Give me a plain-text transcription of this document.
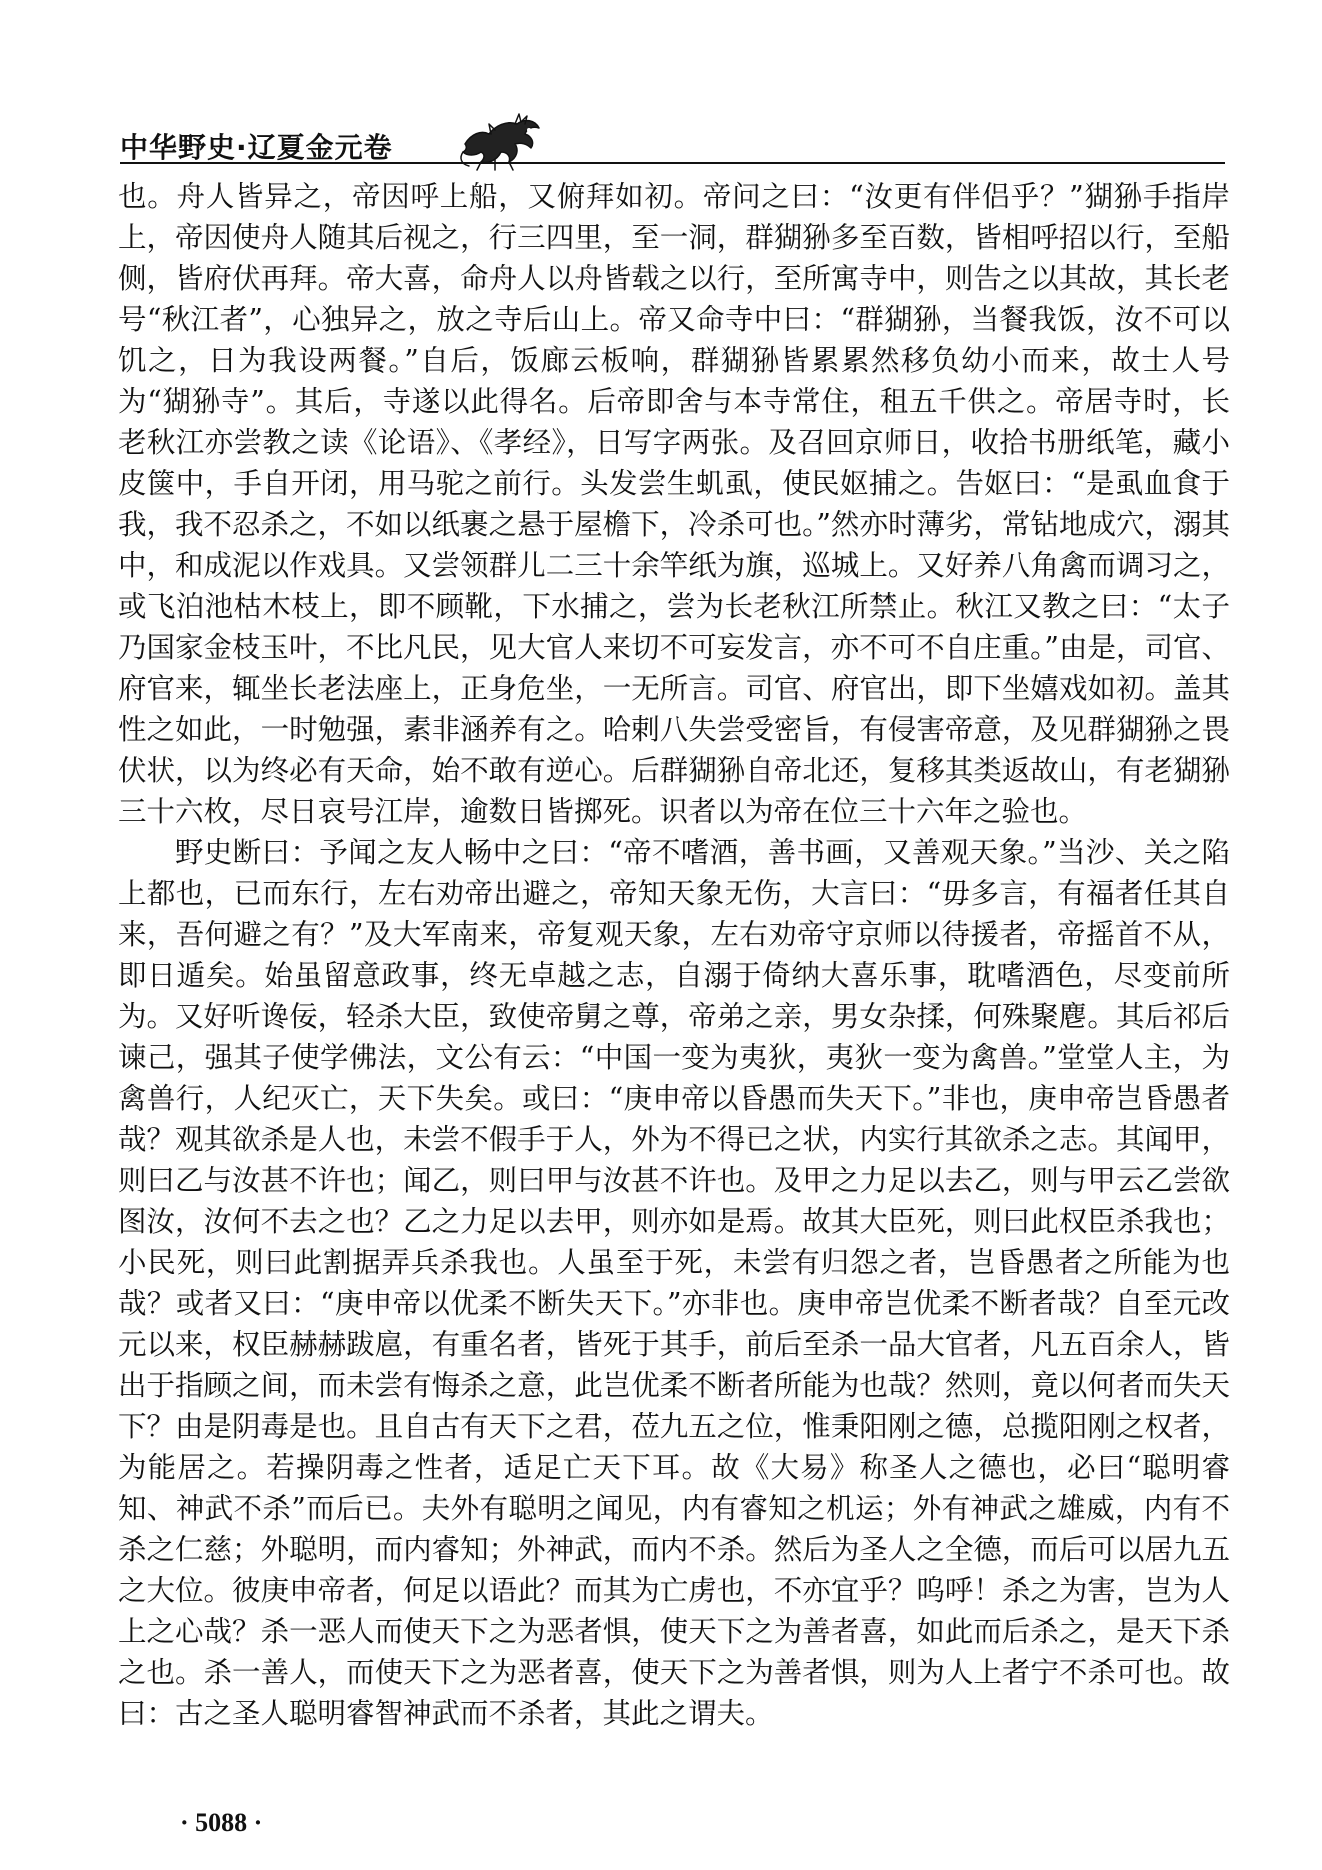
中华野史·辽夏金元卷

也。舟人皆异之，帝因呼上船，又俯拜如初。帝问之曰：“汝更有伴侣乎？”猢狲手指岸上，帝因使舟人随其后视之，行三四里，至一洞，群猢狲多至百数，皆相呼招以行，至船侧，皆府伏再拜。帝大喜，命舟人以舟皆载之以行，至所寓寺中，则告之以其故，其长老号“秋江者”，心独异之，放之寺后山上。帝又命寺中曰：“群猢狲，当餐我饭，汝不可以饥之，日为我设两餐。”自后，饭廊云板响，群猢狲皆累累然移负幼小而来，故士人号为“猢狲寺”。其后，寺遂以此得名。后帝即舍与本寺常住，租五千供之。帝居寺时，长老秋江亦尝教之读《论语》、《孝经》，日写字两张。及召回京师日，收拾书册纸笔，藏小皮箧中，手自开闭，用马驼之前行。头发尝生虮虱，使民妪捕之。告妪曰：“是虱血食于我，我不忍杀之，不如以纸裹之悬于屋檐下，冷杀可也。”然亦时薄劣，常钻地成穴，溺其中，和成泥以作戏具。又尝领群儿二三十余竿纸为旗，巡城上。又好养八角禽而调习之，或飞泊池枯木枝上，即不顾靴，下水捕之，尝为长老秋江所禁止。秋江又教之曰：“太子乃国家金枝玉叶，不比凡民，见大官人来切不可妄发言，亦不可不自庄重。”由是，司官、府官来，辄坐长老法座上，正身危坐，一无所言。司官、府官出，即下坐嬉戏如初。盖其性之如此，一时勉强，素非涵养有之。哈剌八失尝受密旨，有侵害帝意，及见群猢狲之畏伏状，以为终必有天命，始不敢有逆心。后群猢狲自帝北还，复移其类返故山，有老猢狲三十六枚，尽日哀号江岸，逾数日皆掷死。识者以为帝在位三十六年之验也。

野史断曰：予闻之友人畅中之曰：“帝不嗜酒，善书画，又善观天象。”当沙、关之陷上都也，已而东行，左右劝帝出避之，帝知天象无伤，大言曰：“毋多言，有福者任其自来，吾何避之有？”及大军南来，帝复观天象，左右劝帝守京师以待援者，帝摇首不从，即日遁矣。始虽留意政事，终无卓越之志，自溺于倚纳大喜乐事，耽嗜酒色，尽变前所为。又好听谗佞，轻杀大臣，致使帝舅之尊，帝弟之亲，男女杂揉，何殊聚麀。其后祁后谏己，强其子使学佛法，文公有云：“中国一变为夷狄，夷狄一变为禽兽。”堂堂人主，为禽兽行，人纪灭亡，天下失矣。或曰：“庚申帝以昏愚而失天下。”非也，庚申帝岂昏愚者哉？观其欲杀是人也，未尝不假手于人，外为不得已之状，内实行其欲杀之志。其闻甲，则曰乙与汝甚不许也；闻乙，则曰甲与汝甚不许也。及甲之力足以去乙，则与甲云乙尝欲图汝，汝何不去之也？乙之力足以去甲，则亦如是焉。故其大臣死，则曰此权臣杀我也；小民死，则曰此割据弄兵杀我也。人虽至于死，未尝有归怨之者，岂昏愚者之所能为也哉？或者又曰：“庚申帝以优柔不断失天下。”亦非也。庚申帝岂优柔不断者哉？自至元改元以来，权臣赫赫跋扈，有重名者，皆死于其手，前后至杀一品大官者，凡五百余人，皆出于指顾之间，而未尝有悔杀之意，此岂优柔不断者所能为也哉？然则，竟以何者而失天下？由是阴毒是也。且自古有天下之君，莅九五之位，惟秉阳刚之德，总揽阳刚之权者，为能居之。若操阴毒之性者，适足亡天下耳。故《大易》称圣人之德也，必曰“聪明睿知、神武不杀”而后已。夫外有聪明之闻见，内有睿知之机运；外有神武之雄威，内有不杀之仁慈；外聪明，而内睿知；外神武，而内不杀。然后为圣人之全德，而后可以居九五之大位。彼庚申帝者，何足以语此？而其为亡虏也，不亦宜乎？呜呼！杀之为害，岂为人上之心哉？杀一恶人而使天下之为恶者惧，使天下之为善者喜，如此而后杀之，是天下杀之也。杀一善人，而使天下之为恶者喜，使天下之为善者惧，则为人上者宁不杀可也。故曰：古之圣人聪明睿智神武而不杀者，其此之谓夫。

· 5088 ·
